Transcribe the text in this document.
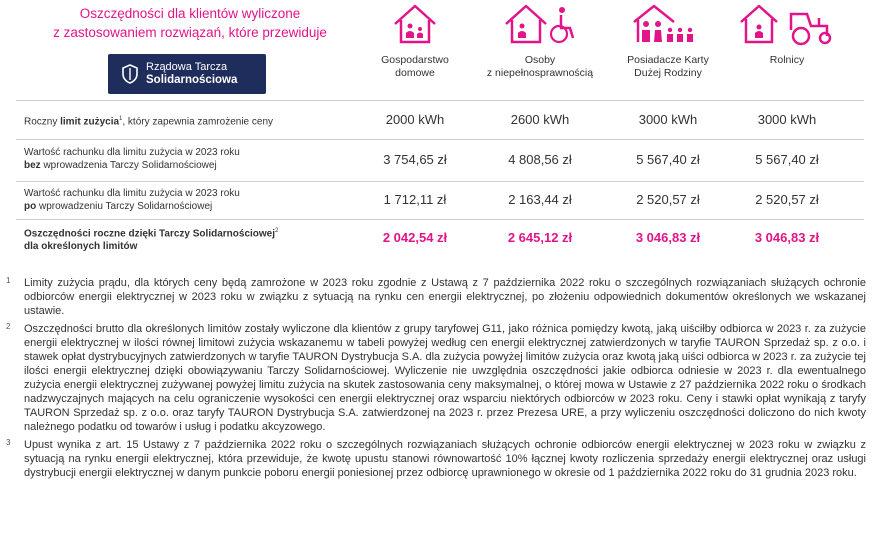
Oszczędności dla klientów wyliczone
z zastosowaniem rozwiązań, które przewiduje
Rządowa Tarcza
Solidarnościowa
Gospodarstwo
domowe
Osoby
z niepełnosprawnością
Posiadacze Karty
Dużej Rodziny
Rolnicy
Roczny limit zużycia$^1$, który zapewnia zamrożenie ceny	2000 kWh	2600 kWh	3000 kWh	3000 kWh
Wartość rachunku dla limitu zużycia w 2023 roku
bez wprowadzenia Tarczy Solidarnościowej	3 754,65 zł	4 808,56 zł	5 567,40 zł	5 567,40 zł
Wartość rachunku dla limitu zużycia w 2023 roku
po wprowadzeniu Tarczy Solidarnościowej	1 712,11 zł	2 163,44 zł	2 520,57 zł	2 520,57 zł
Oszczędności roczne dzięki Tarczy Solidarnościowej$^2$
dla określonych limitów
2 042,54 zł	2 645,12 zł	3 046,83 zł	3 046,83 zł
1 Limity zużycia prądu, dla których ceny będą zamrożone w 2023 roku zgodnie z Ustawą z 7 października 2022 roku o szczególnych rozwiązaniach służących ochronie odbiorców energii elektrycznej w 2023 roku w związku z sytuacją na rynku cen energii elektrycznej, po złożeniu odpowiednich dokumentów określonych we wskazanej ustawie.
2 Oszczędności brutto dla określonych limitów zostały wyliczone dla klientów z grupy taryfowej G11, jako różnica pomiędzy kwotą, jaką uiściłby odbiorca w 2023 r. za zużycie energii elektrycznej w ilości równej limitowi zużycia wskazanemu w tabeli powyżej według cen energii elektrycznej zatwierdzonych w taryfie TAURON Sprzedaż sp. z o.o. i stawek opłat dystrybucyjnych zatwierdzonych w taryfie TAURON Dystrybucja S.A. dla zużycia powyżej limitów zużycia oraz kwotą jaką uiści odbiorca w 2023 r. za zużycie tej ilości energii elektrycznej dzięki obowiązywaniu Tarczy Solidarnościowej. Wyliczenie nie uwzględnia oszczędności jakie odbiorca odniesie w 2023 r. dla ewentualnego zużycia energii elektrycznej zużywanej powyżej limitu zużycia na skutek zastosowania ceny maksymalnej, o której mowa w Ustawie z 27 października 2022 roku o środkach nadzwyczajnych mających na celu ograniczenie wysokości cen energii elektrycznej oraz wsparciu niektórych odbiorców w 2023 roku. Ceny i stawki opłat wynikają z taryfy TAURON Sprzedaż sp. z o.o. oraz taryfy TAURON Dystrybucja S.A. zatwierdzonej na 2023 r. przez Prezesa URE, a przy wyliczeniu oszczędności doliczono do nich kwoty należnego podatku od towarów i usług i podatku akcyzowego.
3 Upust wynika z art. 15 Ustawy z 7 października 2022 roku o szczególnych rozwiązaniach służących ochronie odbiorców energii elektrycznej w 2023 roku w związku z sytuacją na rynku energii elektrycznej, która przewiduje, że kwotę upustu stanowi równowartość 10% łącznej kwoty rozliczenia sprzedaży energii elektrycznej oraz usługi dystrybucji energii elektrycznej w danym punkcie poboru energii poniesionej przez odbiorcę uprawnionego w okresie od 1 października 2022 roku do 31 grudnia 2023 roku.
